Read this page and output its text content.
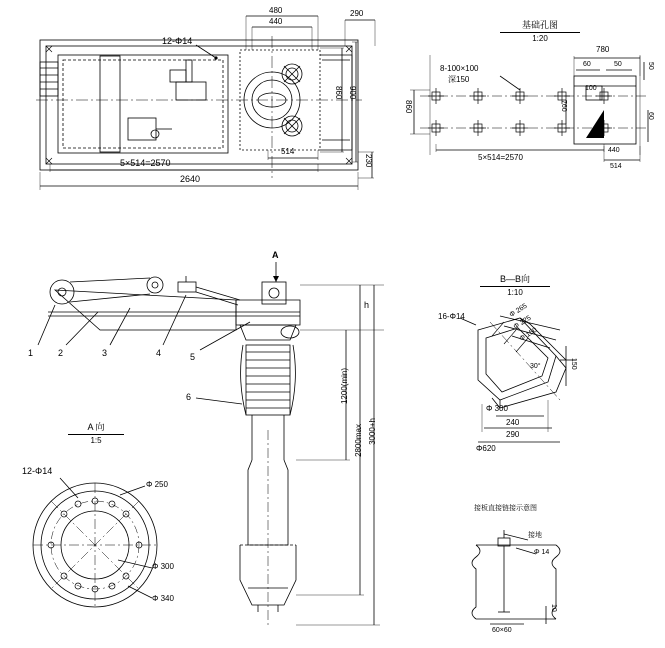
12-Φ14
480
440
290
860 900
230
514
5×514=2570
2640
基础孔图
1:20
8-100×100
深150
780
60	50	50
100
760
60
860
5×514=2570
440
514
A
1	2	3	4	5
6
h
1200(min)
2800max 3000+h
A 向
1:5
12-Φ14
Φ 250
Φ 300
Φ 340
B—B向
1:10
16-Φ14	Φ 265
Φ 225
Φ 150
30°	150
Φ 300
240
290
Φ620
接板直接链接示意图
接地
Φ 14
60×60
10
